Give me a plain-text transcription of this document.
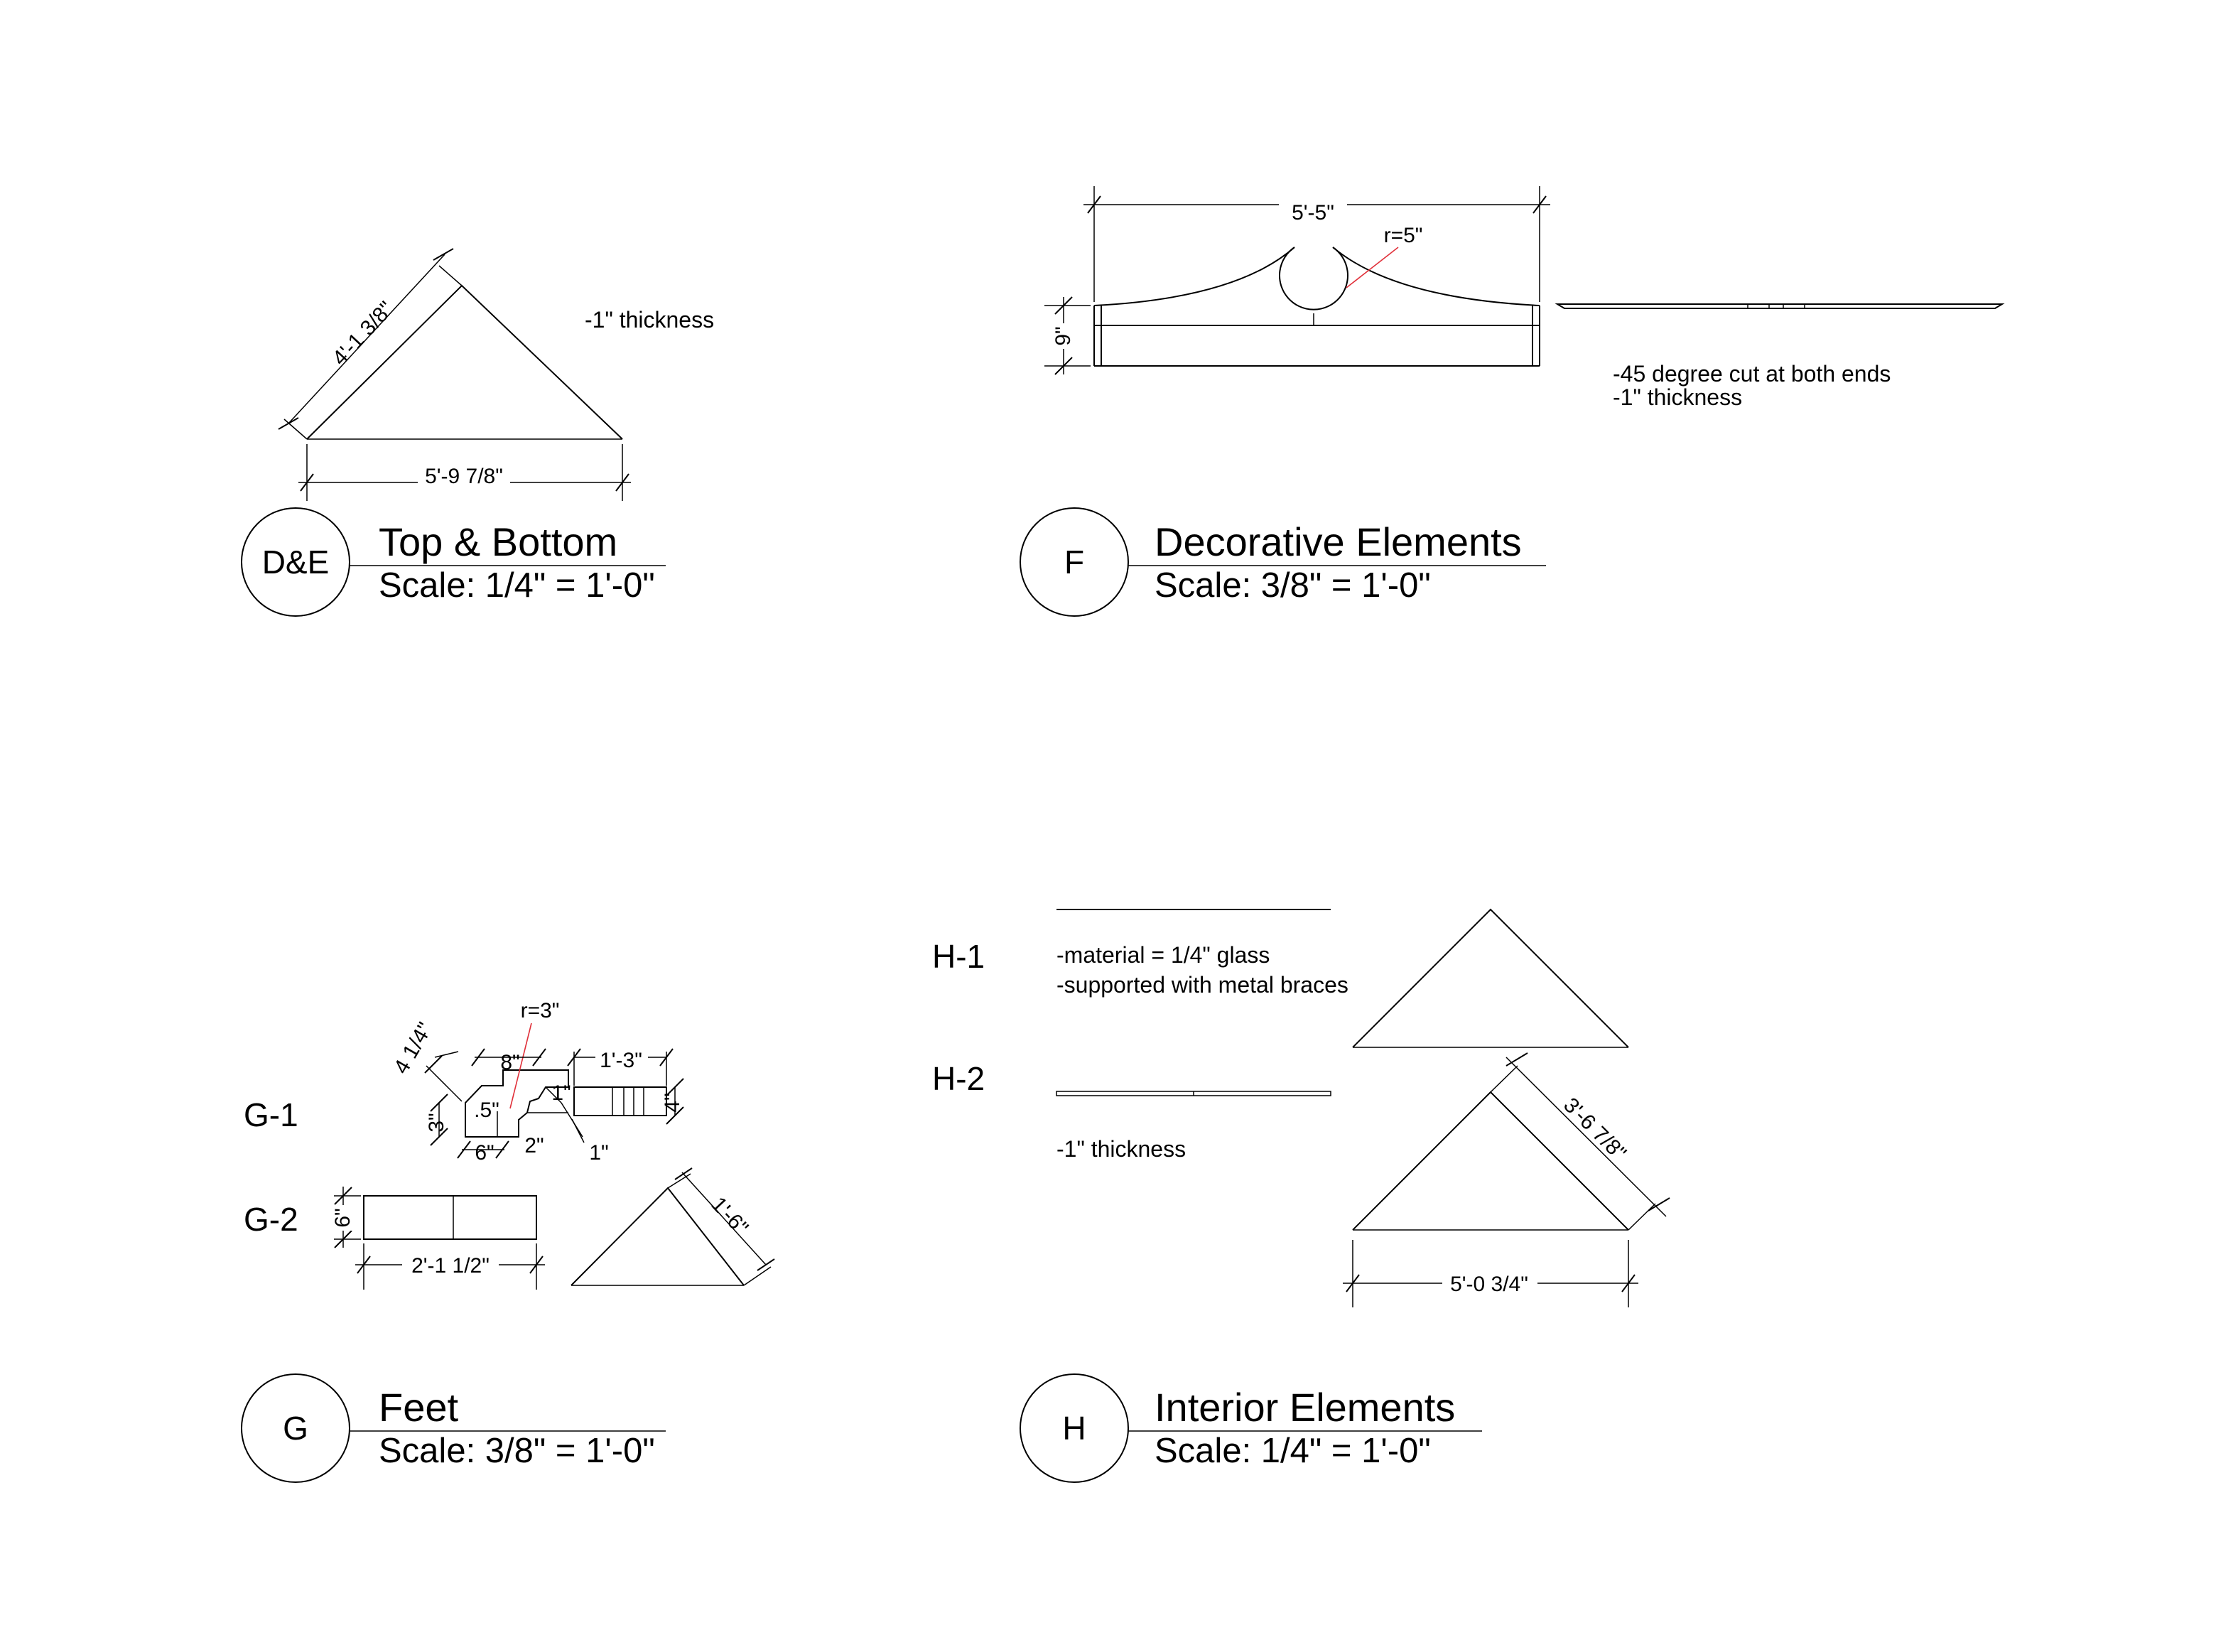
4'-1 3/8"
5'-9 7/8"
-1" thickness
D&E Top & Bottom
Scale: 1/4" = 1'-0"
5'-5"
r=5"
9"
-45 degree cut at both ends
-1" thickness
F Decorative Elements
Scale: 3/8" = 1'-0"
G-1
G-2
4 1/4"
r=3"
8"	1'-3"
.5"
1"
3"
4"
6" 2" 1"
6"
2'-1 1/2"
1'-6"
G Feet
Scale: 3/8" = 1'-0"
H-1
H-2
-material = 1/4" glass
-supported with metal braces
-1" thickness	3'-6 7/8"
5'-0 3/4"
H Interior Elements
Scale: 1/4" = 1'-0"
